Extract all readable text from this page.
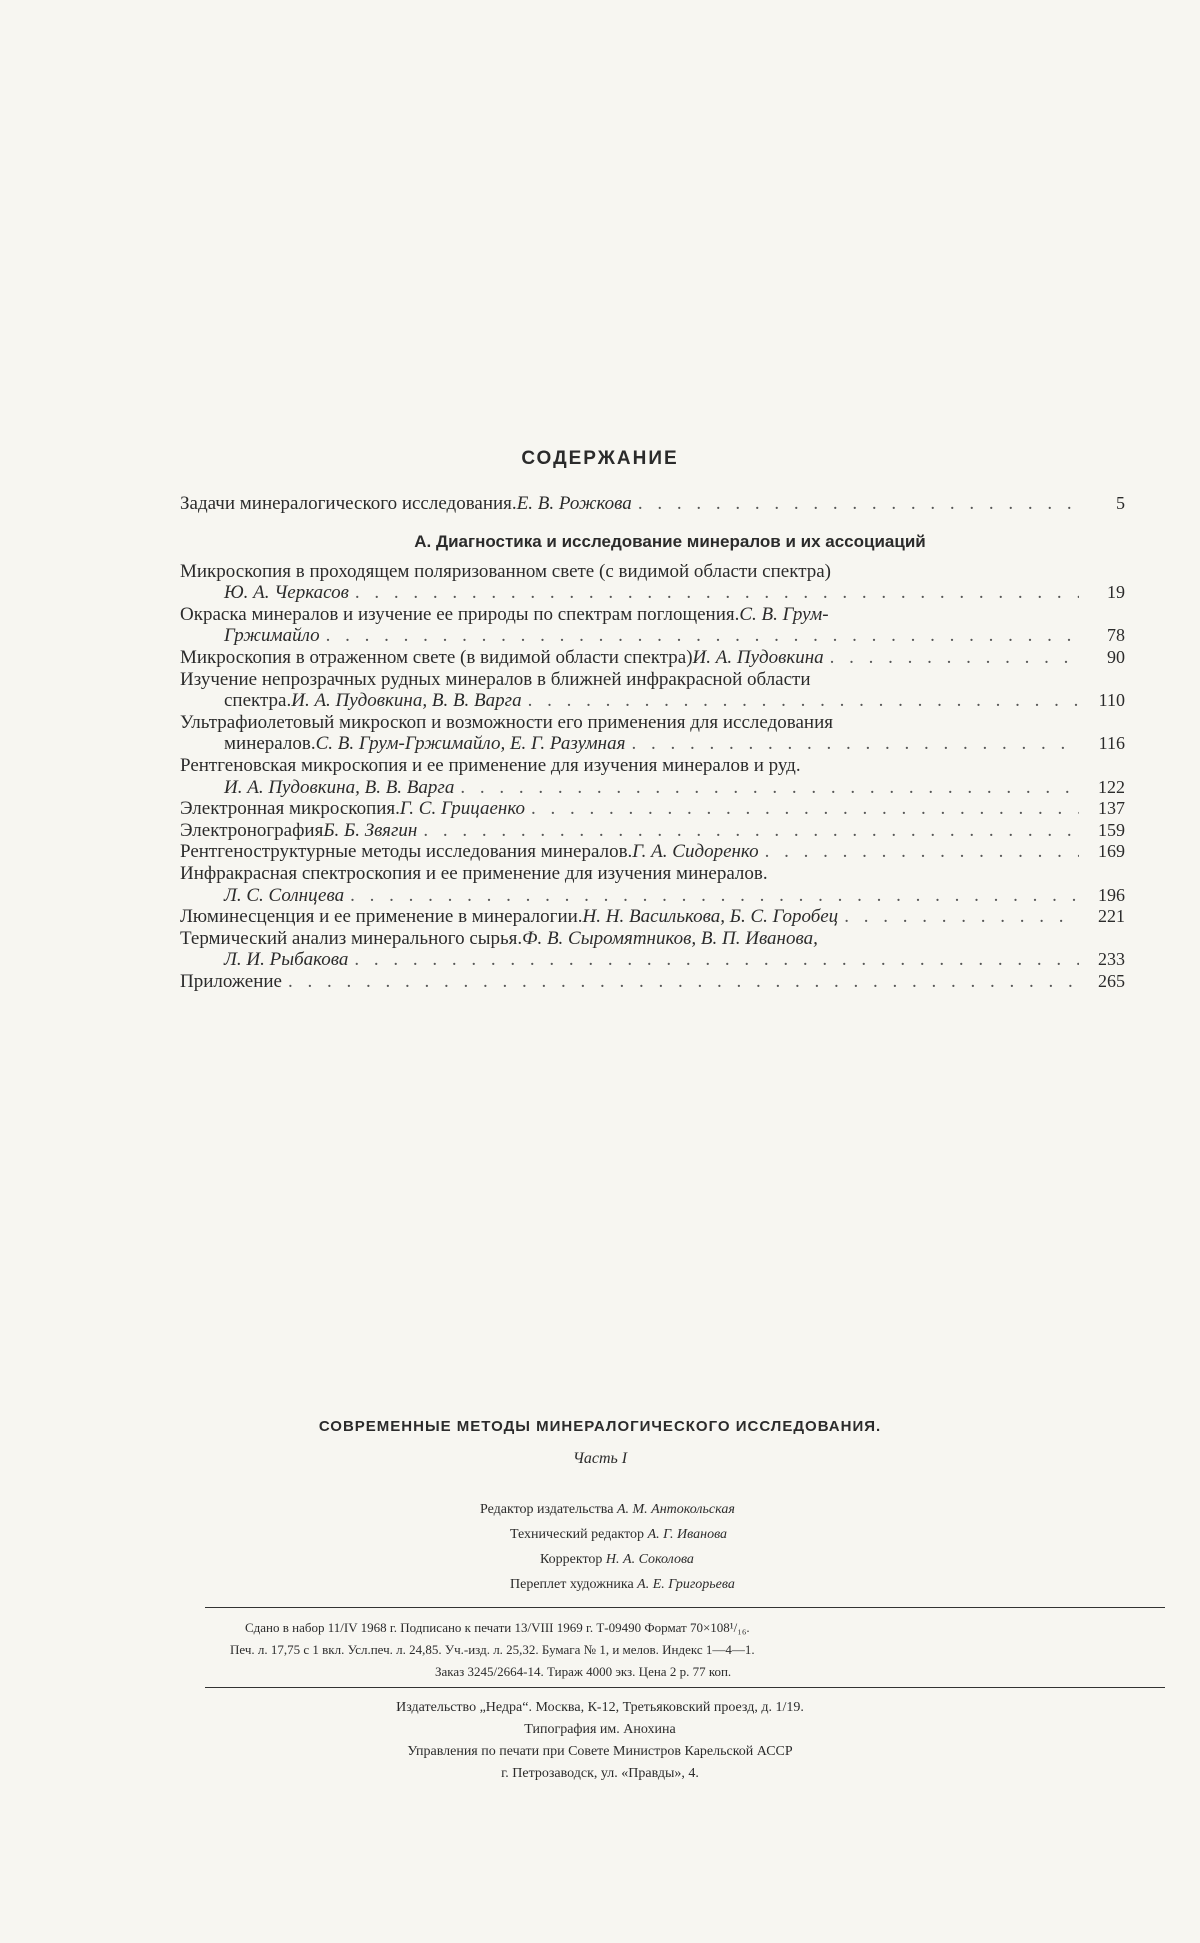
СОДЕРЖАНИЕ
Задачи минералогического исследования. Е. В. Рожкова . . .	5
Микроскопия в проходящем поляризованном свете (с видимой области спектра)
Ю. А. Черкасов . . .	19
Окраска минералов и изучение ее природы по спектрам поглощения. С. В. Грум-
Гржимайло . . .	78
Микроскопия в отраженном свете (в видимой области спектра) И. А. Пудовкина . . .	90
Изучение непрозрачных рудных минералов в ближней инфракрасной области
спектра. И. А. Пудовкина, В. В. Варга . . .	110
Ультрафиолетовый микроскоп и возможности его применения для исследования
минералов. С. В. Грум-Гржимайло, Е. Г. Разумная . . .	116
Рентгеновская микроскопия и ее применение для изучения минералов и руд.
И. А. Пудовкина, В. В. Варга . . .	122
Электронная микроскопия. Г. С. Грицаенко . . .	137
Электронография Б. Б. Звягин . . .	159
Рентгеноструктурные методы исследования минералов. Г. А. Сидоренко . . .	169
Инфракрасная спектроскопия и ее применение для изучения минералов.
Л. С. Солнцева . . .	196
Люминесценция и ее применение в минералогии. Н. Н. Василькова, Б. С. Горобец . . .	221
Термический анализ минерального сырья. Ф. В. Сыромятников, В. П. Иванова,
Л. И. Рыбакова . . .	233
Приложение . . .	265
А. Диагностика и исследование минералов и их ассоциаций
СОВРЕМЕННЫЕ МЕТОДЫ МИНЕРАЛОГИЧЕСКОГО ИССЛЕДОВАНИЯ.
Часть I
Редактор издательства А. М. Антокольская
Технический редактор А. Г. Иванова
Корректор Н. А. Соколова
Переплет художника А. Е. Григорьева
Сдано в набор 11/IV 1968 г. Подписано к печати 13/VIII 1969 г. Т-09490 Формат 70×108¹/₁₆.
Печ. л. 17,75 с 1 вкл. Усл.печ. л. 24,85. Уч.-изд. л. 25,32. Бумага № 1, и мелов. Индекс 1—4—1.
Заказ 3245/2664-14. Тираж 4000 экз. Цена 2 р. 77 коп.
Издательство „Недра“. Москва, К-12, Третьяковский проезд, д. 1/19.
Типография им. Анохина
Управления по печати при Совете Министров Карельской АССР
г. Петрозаводск, ул. «Правды», 4.
